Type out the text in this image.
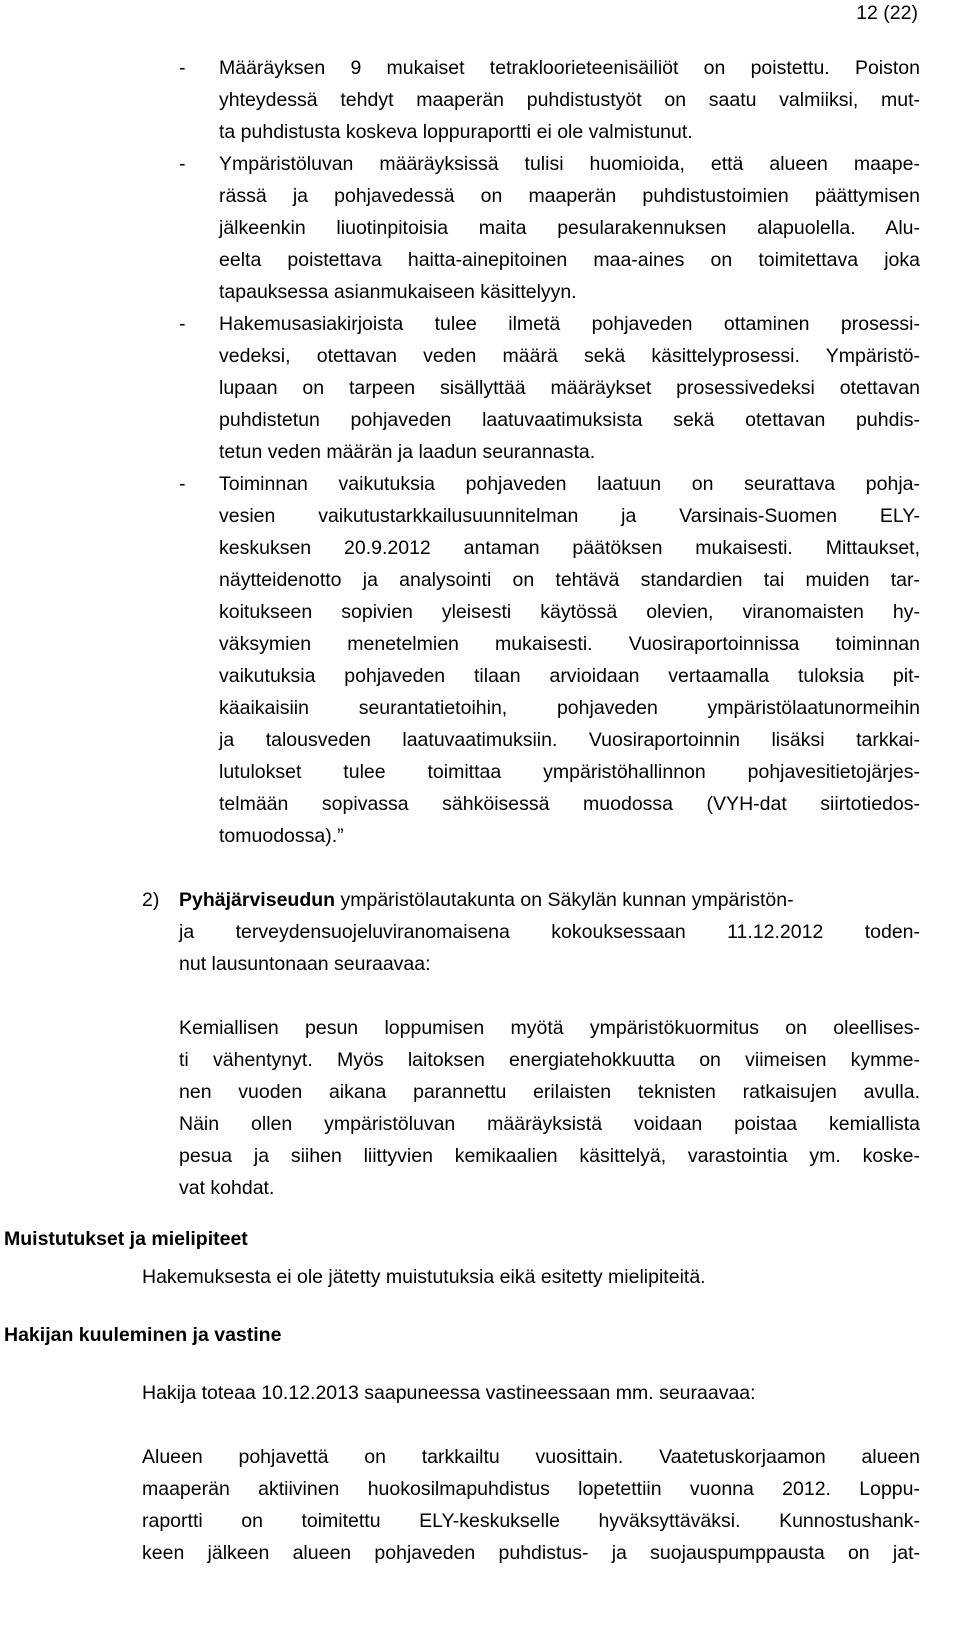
12 (22)
- Määräyksen 9 mukaiset tetrakloorieteenisäiliöt on poistettu. Poiston
yhteydessä tehdyt maaperän puhdistustyöt on saatu valmiiksi, mut-
ta puhdistusta koskeva loppuraportti ei ole valmistunut.
- Ympäristöluvan määräyksissä tulisi huomioida, että alueen maape-
rässä ja pohjavedessä on maaperän puhdistustoimien päättymisen
jälkeenkin liuotinpitoisia maita pesularakennuksen alapuolella. Alu-
eelta poistettava haitta-ainepitoinen maa-aines on toimitettava joka
tapauksessa asianmukaiseen käsittelyyn.
- Hakemusasiakirjoista tulee ilmetä pohjaveden ottaminen prosessi-
vedeksi, otettavan veden määrä sekä käsittelyprosessi. Ympäristö-
lupaan on tarpeen sisällyttää määräykset prosessivedeksi otettavan
puhdistetun pohjaveden laatuvaatimuksista sekä otettavan puhdis-
tetun veden määrän ja laadun seurannasta.
- Toiminnan vaikutuksia pohjaveden laatuun on seurattava pohja-
vesien vaikutustarkkailusuunnitelman ja Varsinais-Suomen ELY-
keskuksen 20.9.2012 antaman päätöksen mukaisesti. Mittaukset,
näytteidenotto ja analysointi on tehtävä standardien tai muiden tar-
koitukseen sopivien yleisesti käytössä olevien, viranomaisten hy-
väksymien menetelmien mukaisesti. Vuosiraportoinnissa toiminnan
vaikutuksia pohjaveden tilaan arvioidaan vertaamalla tuloksia pit-
käaikaisiin seurantatietoihin, pohjaveden ympäristölaatunormeihin
ja talousveden laatuvaatimuksiin. Vuosiraportoinnin lisäksi tarkkai-
lutulokset tulee toimittaa ympäristöhallinnon pohjavesitietojärjes-
telmään sopivassa sähköisessä muodossa (VYH-dat siirtotiedos-
tomuodossa).”
2) Pyhäjärviseudun ympäristölautakunta on Säkylän kunnan ympäristön-
ja terveydensuojeluviranomaisena kokouksessaan 11.12.2012 toden-
nut lausuntonaan seuraavaa:
Kemiallisen pesun loppumisen myötä ympäristökuormitus on oleellises-
ti vähentynyt. Myös laitoksen energiatehokkuutta on viimeisen kymme-
nen vuoden aikana parannettu erilaisten teknisten ratkaisujen avulla.
Näin ollen ympäristöluvan määräyksistä voidaan poistaa kemiallista
pesua ja siihen liittyvien kemikaalien käsittelyä, varastointia ym. koske-
vat kohdat.
Muistutukset ja mielipiteet
Hakemuksesta ei ole jätetty muistutuksia eikä esitetty mielipiteitä.
Hakijan kuuleminen ja vastine
Hakija toteaa 10.12.2013 saapuneessa vastineessaan mm. seuraavaa:
Alueen pohjavettä on tarkkailtu vuosittain. Vaatetuskorjaamon alueen
maaperän aktiivinen huokosilmapuhdistus lopetettiin vuonna 2012. Loppu-
raportti on toimitettu ELY-keskukselle hyväksyttäväksi. Kunnostushank-
keen jälkeen alueen pohjaveden puhdistus- ja suojauspumppausta on jat-
